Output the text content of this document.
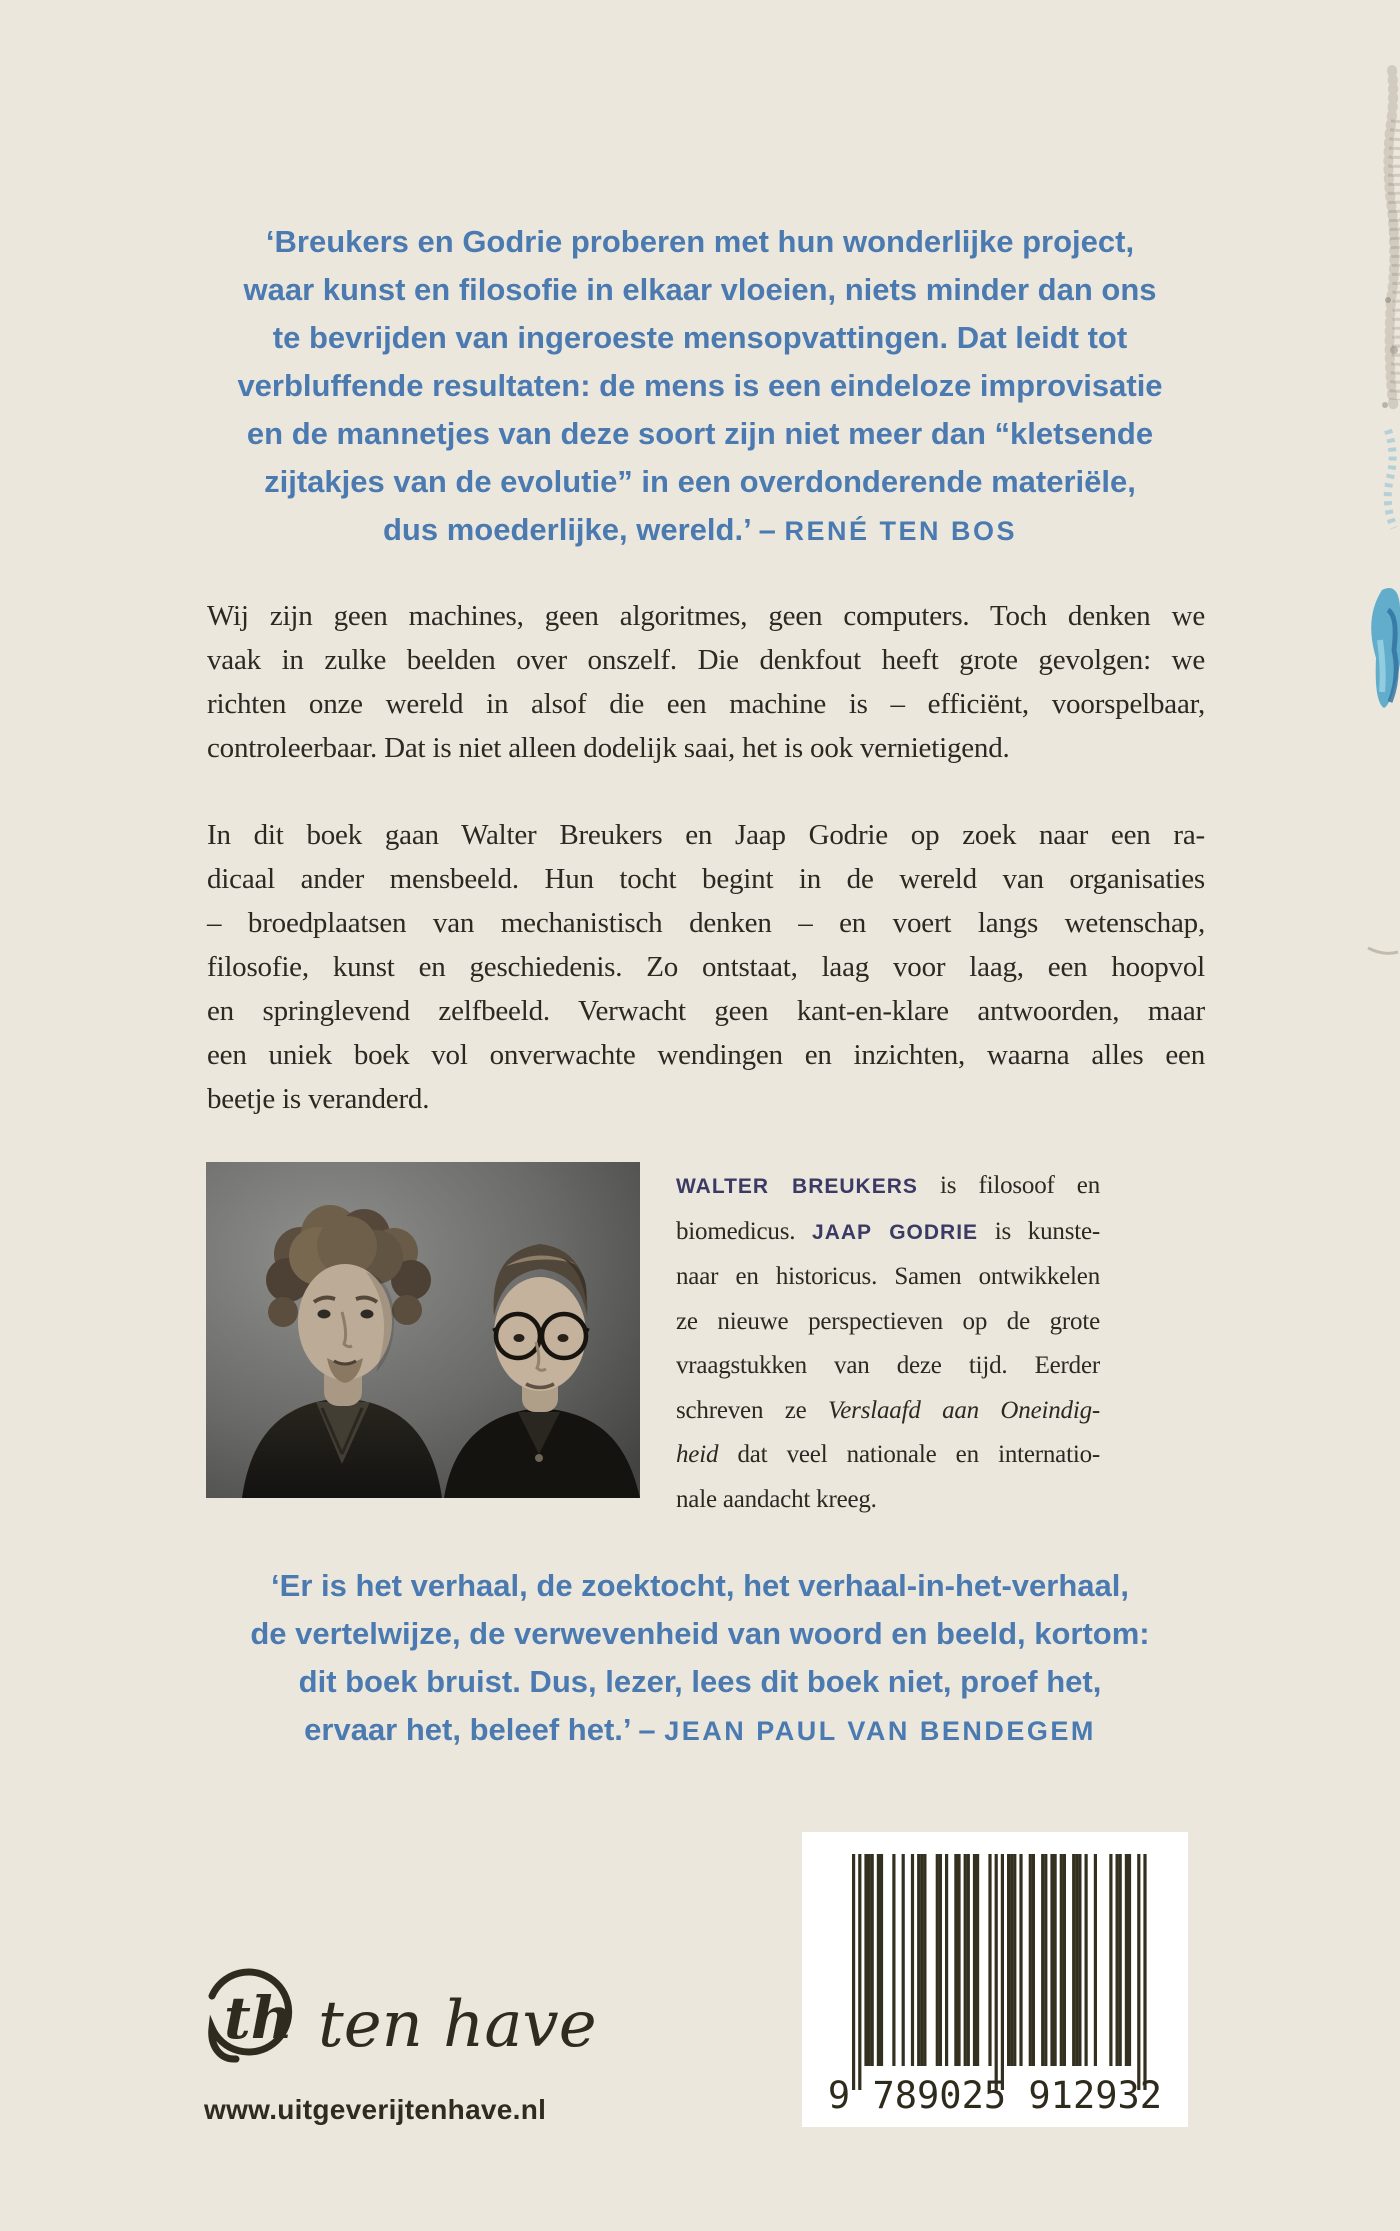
‘Breukers en Godrie proberen met hun wonderlijke project,
waar kunst en filosofie in elkaar vloeien, niets minder dan ons
te bevrijden van ingeroeste mensopvattingen. Dat leidt tot
verbluffende resultaten: de mens is een eindeloze improvisatie
en de mannetjes van deze soort zijn niet meer dan “kletsende
zijtakjes van de evolutie” in een overdonderende materiële,
dus moederlijke, wereld.’ – RENÉ TEN BOS
Wij zijn geen machines, geen algoritmes, geen computers. Toch denken we
vaak in zulke beelden over onszelf. Die denkfout heeft grote gevolgen: we
richten onze wereld in alsof die een machine is – efficiënt, voorspelbaar,
controleerbaar. Dat is niet alleen dodelijk saai, het is ook vernietigend.
In dit boek gaan Walter Breukers en Jaap Godrie op zoek naar een ra-
dicaal ander mensbeeld. Hun tocht begint in de wereld van organisaties
– broedplaatsen van mechanistisch denken – en voert langs wetenschap,
filosofie, kunst en geschiedenis. Zo ontstaat, laag voor laag, een hoopvol
en springlevend zelfbeeld. Verwacht geen kant-en-klare antwoorden, maar
een uniek boek vol onverwachte wendingen en inzichten, waarna alles een
beetje is veranderd.
WALTER BREUKERS is filosoof en
biomedicus. JAAP GODRIE is kunste-
naar en historicus. Samen ontwikkelen
ze nieuwe perspectieven op de grote
vraagstukken van deze tijd. Eerder
schreven ze Verslaafd aan Oneindig-
heid dat veel nationale en internatio-
nale aandacht kreeg.
‘Er is het verhaal, de zoektocht, het verhaal-in-het-verhaal,
de vertelwijze, de verwevenheid van woord en beeld, kortom:
dit boek bruist. Dus, lezer, lees dit boek niet, proef het,
ervaar het, beleef het.’ – JEAN PAUL VAN BENDEGEM
th ten have
www.uitgeverijtenhave.nl	9 789025 912932
